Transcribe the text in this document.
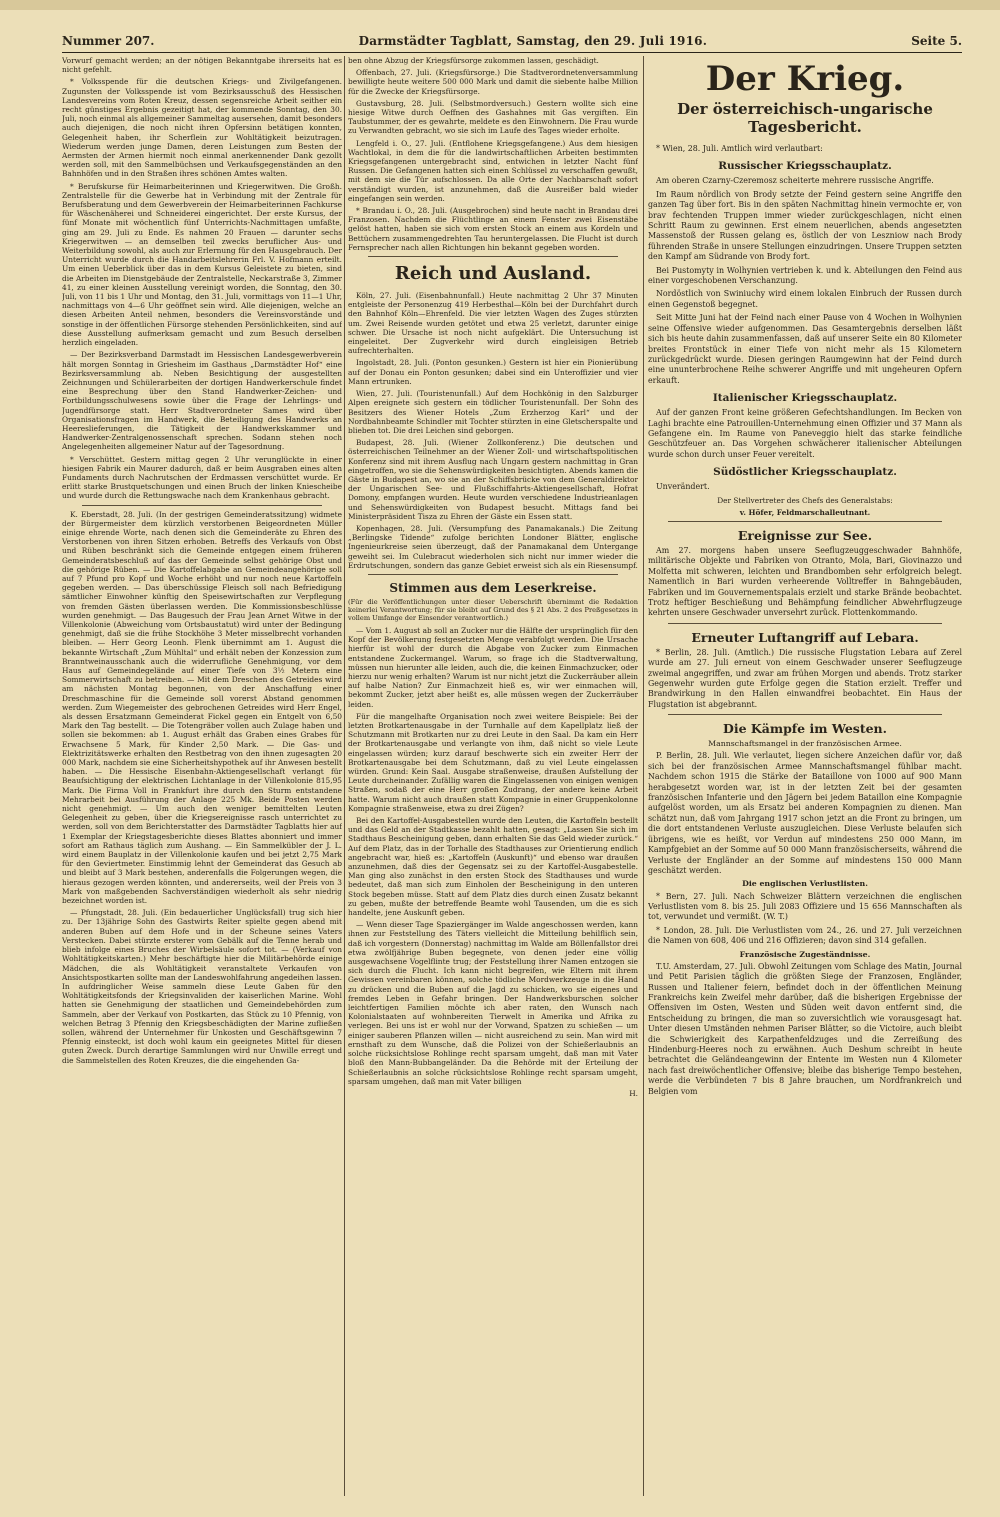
Nummer 207.	Darmstädter Tagblatt, Samstag, den 29. Juli 1916.	Seite 5.

Vorwurf gemacht werden; an der nötigen Bekanntgabe ihrerseits hat es nicht gefehlt.

* Volksspende für die deutschen Kriegs- und Zivilgefangenen. Zugunsten der Volksspende ist vom Bezirksausschuß des Hessischen Landesvereins vom Roten Kreuz, dessen segensreiche Arbeit seither ein recht günstiges Ergebnis gezeitigt hat, der kommende Sonntag, den 30. Juli, noch einmal als allgemeiner Sammeltag ausersehen, damit besonders auch diejenigen, die noch nicht ihren Opfersinn betätigen konnten, Gelegenheit haben, ihr Scherflein zur Wohltätigkeit beizutragen. Wiederum werden junge Damen, deren Leistungen zum Besten der Aermsten der Armen hiermit noch einmal anerkennender Dank gezollt werden soll, mit den Sammelbüchsen und Verkaufsgegenständen an den Bahnhöfen und in den Straßen ihres schönen Amtes walten.

* Berufskurse für Heimarbeiterinnen und Kriegerwitwen. Die Großh. Zentralstelle für die Gewerbe hat in Verbindung mit der Zentrale für Berufsberatung und dem Gewerbverein der Heimarbeiterinnen Fachkurse für Wäschenäherei und Schneiderei eingerichtet. Der erste Kursus, der fünf Monate mit wöchentlich fünf Unterrichts-Nachmittagen umfaßte, ging am 29. Juli zu Ende. Es nahmen 20 Frauen — darunter sechs Kriegerwitwen — an demselben teil zwecks beruflicher Aus- und Weiterbildung sowohl, als auch zur Erlernung für den Hausgebrauch. Der Unterricht wurde durch die Handarbeitslehrerin Frl. V. Hofmann erteilt. Um einen Ueberblick über das in dem Kursus Geleistete zu bieten, sind die Arbeiten im Dienstgebäude der Zentralstelle, Neckarstraße 3, Zimmer 41, zu einer kleinen Ausstellung vereinigt worden, die Sonntag, den 30. Juli, von 11 bis 1 Uhr und Montag, den 31. Juli, vormittags von 11—1 Uhr, nachmittags von 4—6 Uhr geöffnet sein wird. Alle diejenigen, welche an diesen Arbeiten Anteil nehmen, besonders die Vereinsvorstände und sonstige in der öffentlichen Fürsorge stehenden Persönlichkeiten, sind auf diese Ausstellung aufmerksam gemacht und zum Besuch derselben herzlich eingeladen.

— Der Bezirksverband Darmstadt im Hessischen Landesgewerbverein hält morgen Sonntag in Griesheim im Gasthaus „Darmstädter Hof“ eine Bezirksversammlung ab. Neben Besichtigung der ausgestellten Zeichnungen und Schülerarbeiten der dortigen Handwerkerschule findet eine Besprechung über den Stand Handwerker-Zeichen- und Fortbildungsschulwesens sowie über die Frage der Lehrlings- und Jugendfürsorge statt. Herr Stadtverordneter Sames wird über Organisationsfragen im Handwerk, die Beteiligung des Handwerks an Heereslieferungen, die Tätigkeit der Handwerkskammer und Handwerker-Zentralgenossenschaft sprechen. Sodann stehen noch Angelegenheiten allgemeiner Natur auf der Tagesordnung.

* Verschüttet. Gestern mittag gegen 2 Uhr verunglückte in einer hiesigen Fabrik ein Maurer dadurch, daß er beim Ausgraben eines alten Fundaments durch Nachrutschen der Erdmassen verschüttet wurde. Er erlitt starke Brustquetschungen und einen Bruch der linken Kniescheibe und wurde durch die Rettungswache nach dem Krankenhaus gebracht.

K. Eberstadt, 28. Juli. (In der gestrigen Gemeinderatssitzung) widmete der Bürgermeister dem kürzlich verstorbenen Beigeordneten Müller einige ehrende Worte, nach denen sich die Gemeinderäte zu Ehren des Verstorbenen von ihren Sitzen erhoben. Betreffs des Verkaufs von Obst und Rüben beschränkt sich die Gemeinde entgegen einem früheren Gemeinderatsbeschluß auf das der Gemeinde selbst gehörige Obst und die gehörige Rüben. — Die Kartoffelabgabe an Gemeindeangehörige soll auf 7 Pfund pro Kopf und Woche erhöht und nur noch neue Kartoffeln gegeben werden. — Das überschüssige Fleisch soll nach Befriedigung sämtlicher Einwohner künftig den Speisewirtschaften zur Verpflegung von fremden Gästen überlassen werden. Die Kommissionsbeschlüsse wurden genehmigt. — Das Baugesuch der Frau Jean Arnet Witwe in der Villenkolonie (Abweichung vom Ortsbaustatut) wird unter der Bedingung genehmigt, daß sie die frühe Stockhöhe 3 Meter misselbrecht vorhanden bleiben. — Herr Georg Leonh. Flenk übernimmt am 1. August die bekannte Wirtschaft „Zum Mühltal“ und erhält neben der Konzession zum Branntweinausschank auch die widerrufliche Genehmigung, vor dem Haus auf Gemeindegelände auf einer Tiefe von 3½ Metern eine Sommerwirtschaft zu betreiben. — Mit dem Dreschen des Getreides wird am nächsten Montag begonnen, von der Anschaffung einer Dreschmaschine für die Gemeinde soll vorerst Abstand genommen werden. Zum Wiegemeister des gebrochenen Getreides wird Herr Engel, als dessen Ersatzmann Gemeinderat Fickel gegen ein Entgelt von 6,50 Mark den Tag bestellt. — Die Totengräber vollen auch Zulage haben und sollen sie bekommen: ab 1. August erhält das Graben eines Grabes für Erwachsene 5 Mark, für Kinder 2,50 Mark. — Die Gas- und Elektrizitätswerke erhalten den Restbetrag von den ihnen zugesagten 20 000 Mark, nachdem sie eine Sicherheitshypothek auf ihr Anwesen bestellt haben. — Die Hessische Eisenbahn-Aktiengesellschaft verlangt für Beaufsichtigung der elektrischen Lichtanlage in der Villenkolonie 815,95 Mark. Die Firma Voll in Frankfurt ihre durch den Sturm entstandene Mehrarbeit bei Ausführung der Anlage 225 Mk. Beide Posten werden nicht genehmigt. — Um auch den weniger bemittelten Leuten Gelegenheit zu geben, über die Kriegsereignisse rasch unterrichtet zu werden, soll von dem Berichterstatter des Darmstädter Tagblatts hier auf 1 Exemplar der Kriegstagesberichte dieses Blattes abonniert und immer sofort am Rathaus täglich zum Aushang. — Ein Sammelkübler der J. L. wird einem Bauplatz in der Villenkolonie kaufen und bei jetzt 2,75 Mark für den Geviertmeter. Einstimmig lehnt der Gemeinderat das Gesuch ab und bleibt auf 3 Mark bestehen, anderenfalls die Folgerungen wegen, die hieraus gezogen werden könnten, und andererseits, weil der Preis von 3 Mark von maßgebenden Sachverständigen wiederholt als sehr niedrig bezeichnet worden ist.

— Pfungstadt, 28. Juli. (Ein bedauerlicher Unglücksfall) trug sich hier zu. Der 13jährige Sohn des Gastwirts Reiter spielte gegen abend mit anderen Buben auf dem Hofe und in der Scheune seines Vaters Verstecken. Dabei stürzte ersterer vom Gebälk auf die Tenne herab und blieb infolge eines Bruches der Wirbelsäule sofort tot. — (Verkauf von Wohltätigkeitskarten.) Mehr beschäftigte hier die Militärbehörde einige Mädchen, die als Wohltätigkeit veranstaltete Verkaufen von Ansichtspostkarten sollte man der Landeswohlfahrung angedeihen lassen. In aufdringlicher Weise sammeln diese Leute Gaben für den Wohltätigkeitsfonds der Kriegsinvaliden der kaiserlichen Marine. Wohl hatten sie Genehmigung der staatlichen und Gemeindebehörden zum Sammeln, aber der Verkauf von Postkarten, das Stück zu 10 Pfennig, von welchen Betrag 3 Pfennig den Kriegsbeschädigten der Marine zufließen sollen, während der Unternehmer für Unkosten und Geschäftsgewinn 7 Pfennig einsteckt, ist doch wohl kaum ein geeignetes Mittel für diesen guten Zweck. Durch derartige Sammlungen wird nur Unwille erregt und die Sammelstellen des Roten Kreuzes, die die eingehenden Ga-

ben ohne Abzug der Kriegsfürsorge zukommen lassen, geschädigt.

Offenbach, 27. Juli. (Kriegsfürsorge.) Die Stadtverordnetenversammlung bewilligte heute weitere 500 000 Mark und damit die siebente halbe Million für die Zwecke der Kriegsfürsorge.

Gustavsburg, 28. Juli. (Selbstmordversuch.) Gestern wollte sich eine hiesige Witwe durch Oeffnen des Gashahnes mit Gas vergiften. Ein Taubstummer, der es gewahrte, meldete es den Einwohnern. Die Frau wurde zu Verwandten gebracht, wo sie sich im Laufe des Tages wieder erholte.

Lengfeld i. O., 27. Juli. (Entflohene Kriegsgefangene.) Aus dem hiesigen Wachtlokal, in dem die für die landwirtschaftlichen Arbeiten bestimmten Kriegsgefangenen untergebracht sind, entwichen in letzter Nacht fünf Russen. Die Gefangenen hatten sich einen Schlüssel zu verschaffen gewußt, mit dem sie die Tür aufschlossen. Da alle Orte der Nachbarschaft sofort verständigt wurden, ist anzunehmen, daß die Ausreißer bald wieder eingefangen sein werden.

* Brandau i. O., 28. Juli. (Ausgebrochen) sind heute nacht in Brandau drei Franzosen. Nachdem die Flüchtlinge an einem Fenster zwei Eisenstäbe gelöst hatten, haben sie sich vom ersten Stock an einem aus Kordeln und Bettüchern zusammengedrehten Tau heruntergelassen. Die Flucht ist durch Fernsprecher nach allen Richtungen hin bekannt gegeben worden.

Reich und Ausland.

Köln, 27. Juli. (Eisenbahnunfall.) Heute nachmittag 2 Uhr 37 Minuten entgleiste der Personenzug 419 Herbesthal—Köln bei der Durchfahrt durch den Bahnhof Köln—Ehrenfeld. Die vier letzten Wagen des Zuges stürzten um. Zwei Reisende wurden getötet und etwa 25 verletzt, darunter einige schwer. Die Ursache ist noch nicht aufgeklärt. Die Untersuchung ist eingeleitet. Der Zugverkehr wird durch eingleisigen Betrieb aufrechterhalten.

Ingolstadt, 28. Juli. (Ponton gesunken.) Gestern ist hier ein Pionierübung auf der Donau ein Ponton gesunken; dabei sind ein Unteroffizier und vier Mann ertrunken.

Wien, 27. Juli. (Touristenunfall.) Auf dem Hochkönig in den Salzburger Alpen ereignete sich gestern ein tödlicher Touristenunfall. Der Sohn des Besitzers des Wiener Hotels „Zum Erzherzog Karl“ und der Nordbahnbeamte Schindler mit Tochter stürzten in eine Gletscherspalte und blieben tot. Die drei Leichen sind geborgen.

Budapest, 28. Juli. (Wiener Zollkonferenz.) Die deutschen und österreichischen Teilnehmer an der Wiener Zoll- und wirtschaftspolitischen Konferenz sind mit ihrem Ausflug nach Ungarn gestern nachmittag in Gran eingetroffen, wo sie die Sehenswürdigkeiten besichtigten. Abends kamen die Gäste in Budapest an, wo sie an der Schiffsbrücke von dem Generaldirektor der Ungarischen See- und Flußschiffahrts-Aktiengesellschaft, Hofrat Domony, empfangen wurden. Heute wurden verschiedene Industrieanlagen und Sehenswürdigkeiten von Budapest besucht. Mittags fand bei Ministerpräsident Tisza zu Ehren der Gäste ein Essen statt.

Kopenhagen, 28. Juli. (Versumpfung des Panamakanals.) Die Zeitung „Berlingske Tidende“ zufolge berichten Londoner Blätter, englische Ingenieurkreise seien überzeugt, daß der Panamakanal dem Untergange geweiht sei. Im Culebracut wiederholen sich nicht nur immer wieder die Erdrutschungen, sondern das ganze Gebiet erweist sich als ein Riesensumpf.

Stimmen aus dem Leserkreise.
(Für die Veröffentlichungen unter dieser Ueberschrift übernimmt die Redaktion keinerlei Verantwortung; für sie bleibt auf Grund des § 21 Abs. 2 des Preßgesetzes in vollem Umfange der Einsender verantwortlich.)

— Vom 1. August ab soll an Zucker nur die Hälfte der ursprünglich für den Kopf der Bevölkerung festgesetzten Menge verabfolgt werden. Die Ursache hierfür ist wohl der durch die Abgabe von Zucker zum Einmachen entstandene Zuckermangel. Warum, so frage ich die Stadtverwaltung, müssen nun hierunter alle leiden, auch die, die keinen Einmachzucker, oder hierzu nur wenig erhalten? Warum ist nur nicht jetzt die Zuckerräuber allein auf halbe Nation? Zur Einmachzeit hieß es, wir wer einmachen will, bekommt Zucker, jetzt aber heißt es, alle müssen wegen der Zuckerräuber leiden.

Für die mangelhafte Organisation noch zwei weitere Beispiele: Bei der letzten Brotkartenausgabe in der Turnhalle auf dem Kapellplatz ließ der Schutzmann mit Brotkarten nur zu drei Leute in den Saal. Da kam ein Herr der Brotkartenausgabe und verlangte von ihm, daß nicht so viele Leute eingelassen würden; kurz darauf beschwerte sich ein zweiter Herr der Brotkartenausgabe bei dem Schutzmann, daß zu viel Leute eingelassen würden. Grund: Kein Saal. Ausgabe straßenweise, draußen Aufstellung der Leute durcheinander. Zufällig waren die Eingelassenen von einigen wenigen Straßen, sodaß der eine Herr großen Zudrang, der andere keine Arbeit hatte. Warum nicht auch draußen statt Kompagnie in einer Gruppenkolonne Kompagnie straßenweise, etwa zu drei Zügen?

Bei den Kartoffel-Ausgabestellen wurde den Leuten, die Kartoffeln bestellt und das Geld an der Stadtkasse bezahlt hatten, gesagt: „Lassen Sie sich im Stadthaus Bescheinigung geben, dann erhalten Sie das Geld wieder zurück.“ Auf dem Platz, das in der Torhalle des Stadthauses zur Orientierung endlich angebracht war, hieß es: „Kartoffeln (Auskunft)“ und ebenso war draußen anzunehmen, daß dies der Gegensatz sei zu der Kartoffel-Ausgabestelle. Man ging also zunächst in den ersten Stock des Stadthauses und wurde bedeutet, daß man sich zum Einholen der Bescheinigung in den unteren Stock begeben müsse. Statt auf dem Platz dies durch einen Zusatz bekannt zu geben, mußte der betreffende Beamte wohl Tausenden, um die es sich handelte, jene Auskunft geben.

— Wenn dieser Tage Spaziergänger im Walde angeschossen werden, kann ihnen zur Feststellung des Täters vielleicht die Mitteilung behilflich sein, daß ich vorgestern (Donnerstag) nachmittag im Walde am Böllenfallstor drei etwa zwölfjährige Buben begegnete, von denen jeder eine völlig ausgewachsene Vogelflinte trug; der Feststellung ihrer Namen entzogen sie sich durch die Flucht. Ich kann nicht begreifen, wie Eltern mit ihrem Gewissen vereinbaren können, solche tödliche Mordwerkzeuge in die Hand zu drücken und die Buben auf die Jagd zu schicken, wo sie eigenes und fremdes Leben in Gefahr bringen. Der Handwerksburschen solcher leichtfertigen Familien möchte ich aber raten, den Wunsch nach Kolonialstaaten auf wohnbereiten Tierwelt in Amerika und Afrika zu verlegen. Bei uns ist er wohl nur der Vorwand, Spatzen zu schießen — um einiger sauberen Pflanzen willen — nicht ausreichend zu sein. Man wird mit ernsthaft zu dem Wunsche, daß die Polizei von der Schießerlaubnis an solche rücksichtslose Rohlinge recht sparsam umgeht, daß man mit Vater bloß den Mann-Bubbangeländer. Da die Behörde mit der Erteilung der Schießerlaubnis an solche rücksichtslose Rohlinge recht sparsam umgeht, sparsam umgehen, daß man mit Vater billigen

H.
Der Krieg.
Der österreichisch-ungarische Tagesbericht.

* Wien, 28. Juli. Amtlich wird verlautbart:

Russischer Kriegsschauplatz.

Am oberen Czarny-Czeremosz scheiterte mehrere russische Angriffe.

Im Raum nördlich von Brody setzte der Feind gestern seine Angriffe den ganzen Tag über fort. Bis in den späten Nachmittag hinein vermochte er, von brav fechtenden Truppen immer wieder zurückgeschlagen, nicht einen Schritt Raum zu gewinnen. Erst einem neuerlichen, abends angesetzten Massenstoß der Russen gelang es, östlich der von Leszniow nach Brody führenden Straße in unsere Stellungen einzudringen. Unsere Truppen setzten den Kampf am Südrande von Brody fort.

Bei Pustomyty in Wolhynien vertrieben k. und k. Abteilungen den Feind aus einer vorgeschobenen Verschanzung.

Nordöstlich von Swiniuchy wird einem lokalen Einbruch der Russen durch einen Gegenstoß begegnet.

Seit Mitte Juni hat der Feind nach einer Pause von 4 Wochen in Wolhynien seine Offensive wieder aufgenommen. Das Gesamtergebnis derselben läßt sich bis heute dahin zusammenfassen, daß auf unserer Seite ein 80 Kilometer breites Frontstück in einer Tiefe von nicht mehr als 15 Kilometern zurückgedrückt wurde. Diesen geringen Raumgewinn hat der Feind durch eine ununterbrochene Reihe schwerer Angriffe und mit ungeheuren Opfern erkauft.

Italienischer Kriegsschauplatz.

Auf der ganzen Front keine größeren Gefechtshandlungen. Im Becken von Laghi brachte eine Patrouillen-Unternehmung einen Offizier und 37 Mann als Gefangene ein. Im Raume von Paneveggio hielt das starke feindliche Geschützfeuer an. Das Vorgehen schwächerer italienischer Abteilungen wurde schon durch unser Feuer vereitelt.

Südöstlicher Kriegsschauplatz.

Unverändert.

Der Stellvertreter des Chefs des Generalstabs:
v. Höfer, Feldmarschalleutnant.
Ereignisse zur See.

Am 27. morgens haben unsere Seeflugzeuggeschwader Bahnhöfe, militärische Objekte und Fabriken von Otranto, Mola, Bari, Giovinazzo und Molfetta mit schweren, leichten und Brandbomben sehr erfolgreich belegt. Namentlich in Bari wurden verheerende Volltreffer in Bahngebäuden, Fabriken und im Gouvernementspalais erzielt und starke Brände beobachtet. Trotz heftiger Beschießung und Behämpfung feindlicher Abwehrflugzeuge kehrten unsere Geschwader unversehrt zurück. Flottenkommando.

Erneuter Luftangriff auf Lebara.

* Berlin, 28. Juli. (Amtlich.) Die russische Flugstation Lebara auf Zerel wurde am 27. Juli erneut von einem Geschwader unserer Seeflugzeuge zweimal angegriffen, und zwar am frühen Morgen und abends. Trotz starker Gegenwehr wurden gute Erfolge gegen die Station erzielt. Treffer und Brandwirkung in den Hallen einwandfrei beobachtet. Ein Haus der Flugstation ist abgebrannt.

Die Kämpfe im Westen.
Mannschaftsmangel in der französischen Armee.

P. Berlin, 28. Juli. Wie verlautet, liegen sichere Anzeichen dafür vor, daß sich bei der französischen Armee Mannschaftsmangel fühlbar macht. Nachdem schon 1915 die Stärke der Bataillone von 1000 auf 900 Mann herabgesetzt worden war, ist in der letzten Zeit bei der gesamten französischen Infanterie und den Jägern bei jedem Bataillon eine Kompagnie aufgelöst worden, um als Ersatz bei anderen Kompagnien zu dienen. Man schätzt nun, daß vom Jahrgang 1917 schon jetzt an die Front zu bringen, um die dort entstandenen Verluste auszugleichen. Diese Verluste belaufen sich übrigens, wie es heißt, vor Verdun auf mindestens 250 000 Mann, im Kampfgebiet an der Somme auf 50 000 Mann französischerseits, während die Verluste der Engländer an der Somme auf mindestens 150 000 Mann geschätzt werden.

Die englischen Verlustlisten.

* Bern, 27. Juli. Nach Schweizer Blättern verzeichnen die englischen Verlustlisten vom 8. bis 25. Juli 2083 Offiziere und 15 656 Mannschaften als tot, verwundet und vermißt. (W. T.)

* London, 28. Juli. Die Verlustlisten vom 24., 26. und 27. Juli verzeichnen die Namen von 608, 406 und 216 Offizieren; davon sind 314 gefallen.

Französische Zugeständnisse.

T.U. Amsterdam, 27. Juli. Obwohl Zeitungen vom Schlage des Matin, Journal und Petit Parisien täglich die größten Siege der Franzosen, Engländer, Russen und Italiener feiern, befindet doch in der öffentlichen Meinung Frankreichs kein Zweifel mehr darüber, daß die bisherigen Ergebnisse der Offensiven im Osten, Westen und Süden weit davon entfernt sind, die Entscheidung zu bringen, die man so zuversichtlich wie vorausgesagt hat. Unter diesen Umständen nehmen Pariser Blätter, so die Victoire, auch bleibt die Schwierigkeit des Karpathenfeldzuges und die Zerreißung des Hindenburg-Heeres noch zu erwähnen. Auch Deshum schreibt in heute betrachtet die Geländeangewinn der Entente im Westen nun 4 Kilometer nach fast dreiwöchentlicher Offensive; bleibe das bisherige Tempo bestehen, werde die Verbündeten 7 bis 8 Jahre brauchen, um Nordfrankreich und Belgien vom
